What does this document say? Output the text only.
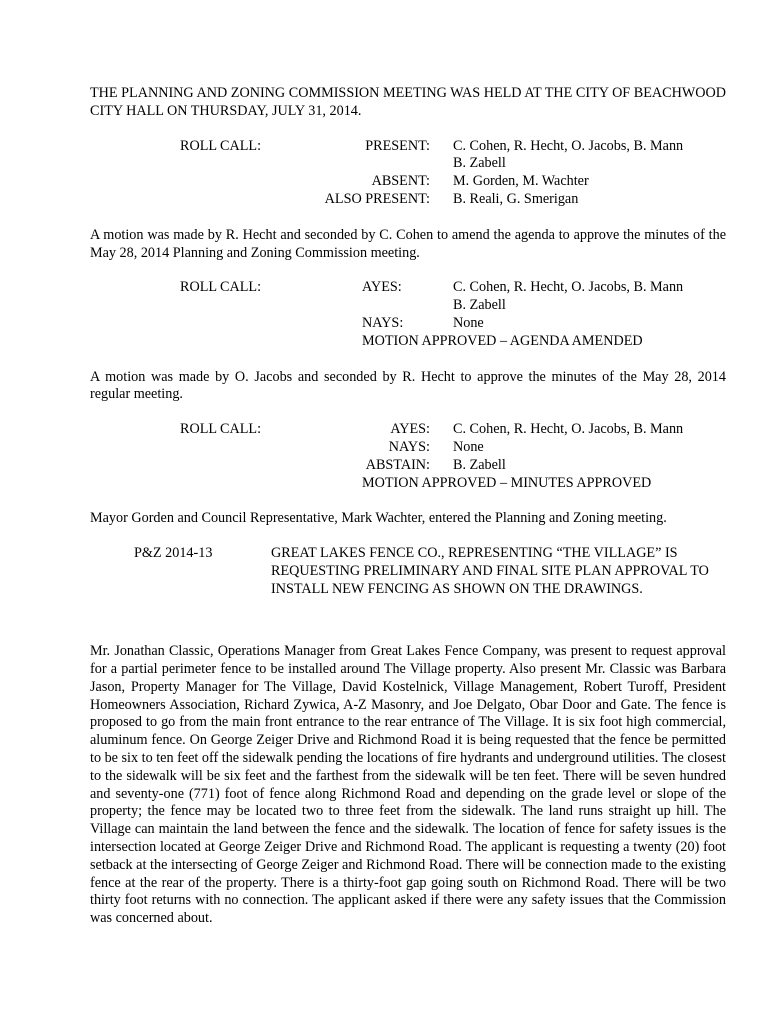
THE PLANNING AND ZONING COMMISSION MEETING WAS HELD AT THE CITY OF BEACHWOOD CITY HALL ON THURSDAY, JULY 31, 2014.

ROLL CALL:	PRESENT: C. Cohen, R. Hecht, O. Jacobs, B. Mann
B. Zabell
ABSENT: M. Gorden, M. Wachter
ALSO PRESENT: B. Reali, G. Smerigan

A motion was made by R. Hecht and seconded by C. Cohen to amend the agenda to approve the minutes of the May 28, 2014 Planning and Zoning Commission meeting.

ROLL CALL:	AYES:	C. Cohen, R. Hecht, O. Jacobs, B. Mann
B. Zabell
NAYS:	None
MOTION APPROVED – AGENDA AMENDED

A motion was made by O. Jacobs and seconded by R. Hecht to approve the minutes of the May 28, 2014 regular meeting.

ROLL CALL:	AYES: C. Cohen, R. Hecht, O. Jacobs, B. Mann
NAYS: None
ABSTAIN: B. Zabell
MOTION APPROVED – MINUTES APPROVED

Mayor Gorden and Council Representative, Mark Wachter, entered the Planning and Zoning meeting.

P&Z 2014-13	GREAT LAKES FENCE CO., REPRESENTING “THE VILLAGE” IS REQUESTING PRELIMINARY AND FINAL SITE PLAN APPROVAL TO INSTALL NEW FENCING AS SHOWN ON THE DRAWINGS.

Mr. Jonathan Classic, Operations Manager from Great Lakes Fence Company, was present to request approval for a partial perimeter fence to be installed around The Village property. Also present Mr. Classic was Barbara Jason, Property Manager for The Village, David Kostelnick, Village Management, Robert Turoff, President Homeowners Association, Richard Zywica, A-Z Masonry, and Joe Delgato, Obar Door and Gate. The fence is proposed to go from the main front entrance to the rear entrance of The Village. It is six foot high commercial, aluminum fence. On George Zeiger Drive and Richmond Road it is being requested that the fence be permitted to be six to ten feet off the sidewalk pending the locations of fire hydrants and underground utilities. The closest to the sidewalk will be six feet and the farthest from the sidewalk will be ten feet. There will be seven hundred and seventy-one (771) foot of fence along Richmond Road and depending on the grade level or slope of the property; the fence may be located two to three feet from the sidewalk. The land runs straight up hill. The Village can maintain the land between the fence and the sidewalk. The location of fence for safety issues is the intersection located at George Zeiger Drive and Richmond Road. The applicant is requesting a twenty (20) foot setback at the intersecting of George Zeiger and Richmond Road. There will be connection made to the existing fence at the rear of the property. There is a thirty-foot gap going south on Richmond Road. There will be two thirty foot returns with no connection. The applicant asked if there were any safety issues that the Commission was concerned about.
